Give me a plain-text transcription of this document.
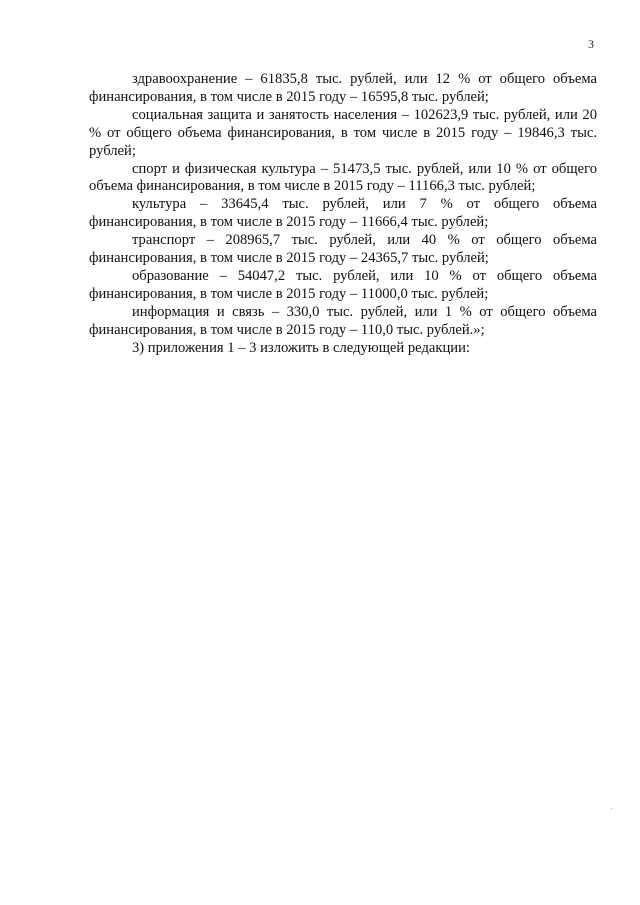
3

здравоохранение – 61835,8 тыс. рублей, или 12 % от общего объема финансирования, в том числе в 2015 году – 16595,8 тыс. рублей;

социальная защита и занятость населения – 102623,9 тыс. рублей, или 20 % от общего объема финансирования, в том числе в 2015 году – 19846,3 тыс. рублей;

спорт и физическая культура – 51473,5 тыс. рублей, или 10 % от общего объема финансирования, в том числе в 2015 году – 11166,3 тыс. рублей;

культура – 33645,4 тыс. рублей, или 7 % от общего объема финансирования, в том числе в 2015 году – 11666,4 тыс. рублей;

транспорт – 208965,7 тыс. рублей, или 40 % от общего объема финансирования, в том числе в 2015 году – 24365,7 тыс. рублей;

образование – 54047,2 тыс. рублей, или 10 % от общего объема финансирования, в том числе в 2015 году – 11000,0 тыс. рублей;

информация и связь – 330,0 тыс. рублей, или 1 % от общего объема финансирования, в том числе в 2015 году – 110,0 тыс. рублей.»;

3) приложения 1 – 3 изложить в следующей редакции:
